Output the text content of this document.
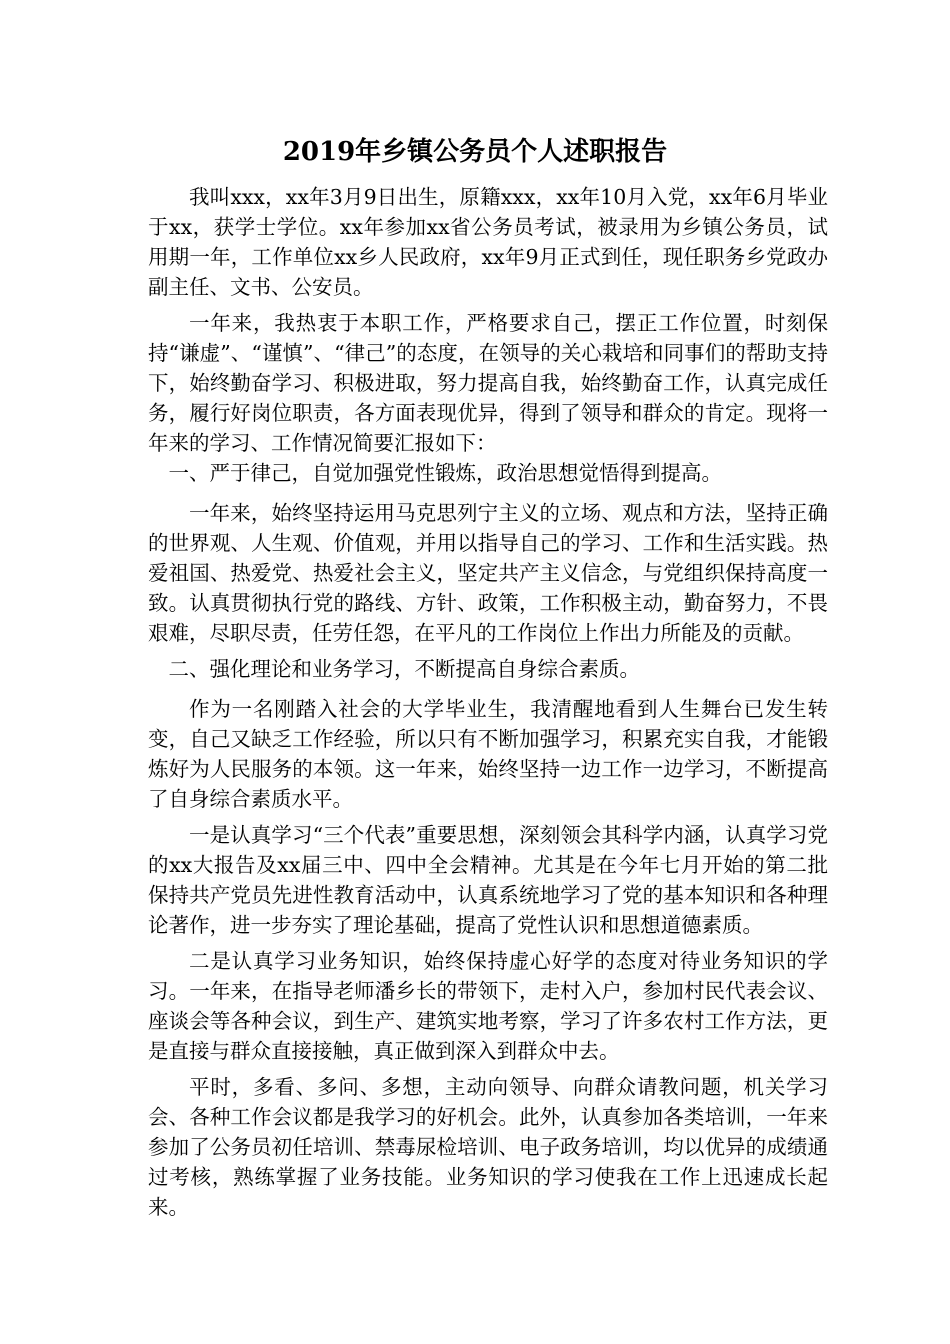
2019年乡镇公务员个人述职报告

我叫xxx，xx年3月9日出生，原籍xxx，xx年10月入党，xx年6月毕业于xx，获学士学位。xx年参加xx省公务员考试，被录用为乡镇公务员，试用期一年，工作单位xx乡人民政府，xx年9月正式到任，现任职务乡党政办副主任、文书、公安员。

一年来，我热衷于本职工作，严格要求自己，摆正工作位置，时刻保持“谦虚”、“谨慎”、“律己”的态度，在领导的关心栽培和同事们的帮助支持下，始终勤奋学习、积极进取，努力提高自我，始终勤奋工作，认真完成任务，履行好岗位职责，各方面表现优异，得到了领导和群众的肯定。现将一年来的学习、工作情况简要汇报如下：

一、严于律己，自觉加强党性锻炼，政治思想觉悟得到提高。

一年来，始终坚持运用马克思列宁主义的立场、观点和方法，坚持正确的世界观、人生观、价值观，并用以指导自己的学习、工作和生活实践。热爱祖国、热爱党、热爱社会主义，坚定共产主义信念，与党组织保持高度一致。认真贯彻执行党的路线、方针、政策，工作积极主动，勤奋努力，不畏艰难，尽职尽责，任劳任怨，在平凡的工作岗位上作出力所能及的贡献。

二、强化理论和业务学习，不断提高自身综合素质。

作为一名刚踏入社会的大学毕业生，我清醒地看到人生舞台已发生转变，自己又缺乏工作经验，所以只有不断加强学习，积累充实自我，才能锻炼好为人民服务的本领。这一年来，始终坚持一边工作一边学习，不断提高了自身综合素质水平。

一是认真学习“三个代表”重要思想，深刻领会其科学内涵，认真学习党的xx大报告及xx届三中、四中全会精神。尤其是在今年七月开始的第二批保持共产党员先进性教育活动中，认真系统地学习了党的基本知识和各种理论著作，进一步夯实了理论基础，提高了党性认识和思想道德素质。

二是认真学习业务知识，始终保持虚心好学的态度对待业务知识的学习。一年来，在指导老师潘乡长的带领下，走村入户，参加村民代表会议、座谈会等各种会议，到生产、建筑实地考察，学习了许多农村工作方法，更是直接与群众直接接触，真正做到深入到群众中去。

平时，多看、多问、多想，主动向领导、向群众请教问题，机关学习会、各种工作会议都是我学习的好机会。此外，认真参加各类培训，一年来参加了公务员初任培训、禁毒尿检培训、电子政务培训，均以优异的成绩通过考核，熟练掌握了业务技能。业务知识的学习使我在工作上迅速成长起来。
